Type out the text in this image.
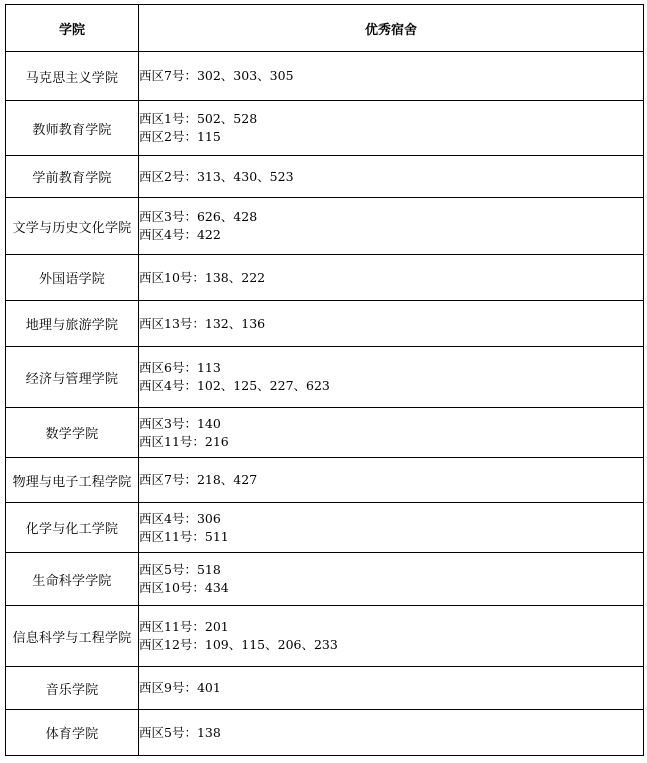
学院	优秀宿舍
马克思主义学院	西区7号：302、303、305

教师教育学院	西区1号：502、528
西区2号：115

学前教育学院	西区2号：313、430、523

文学与历史文化学院	西区3号：626、428
西区4号：422

外国语学院	西区10号：138、222

地理与旅游学院	西区13号：132、136

经济与管理学院	西区6号：113
西区4号：102、125、227、623

数学学院	西区3号：140
西区11号：216

物理与电子工程学院	西区7号：218、427

化学与化工学院	西区4号：306
西区11号：511

生命科学学院	西区5号：518
西区10号：434

信息科学与工程学院	西区11号：201
西区12号：109、115、206、233

音乐学院	西区9号：401

体育学院	西区5号：138
